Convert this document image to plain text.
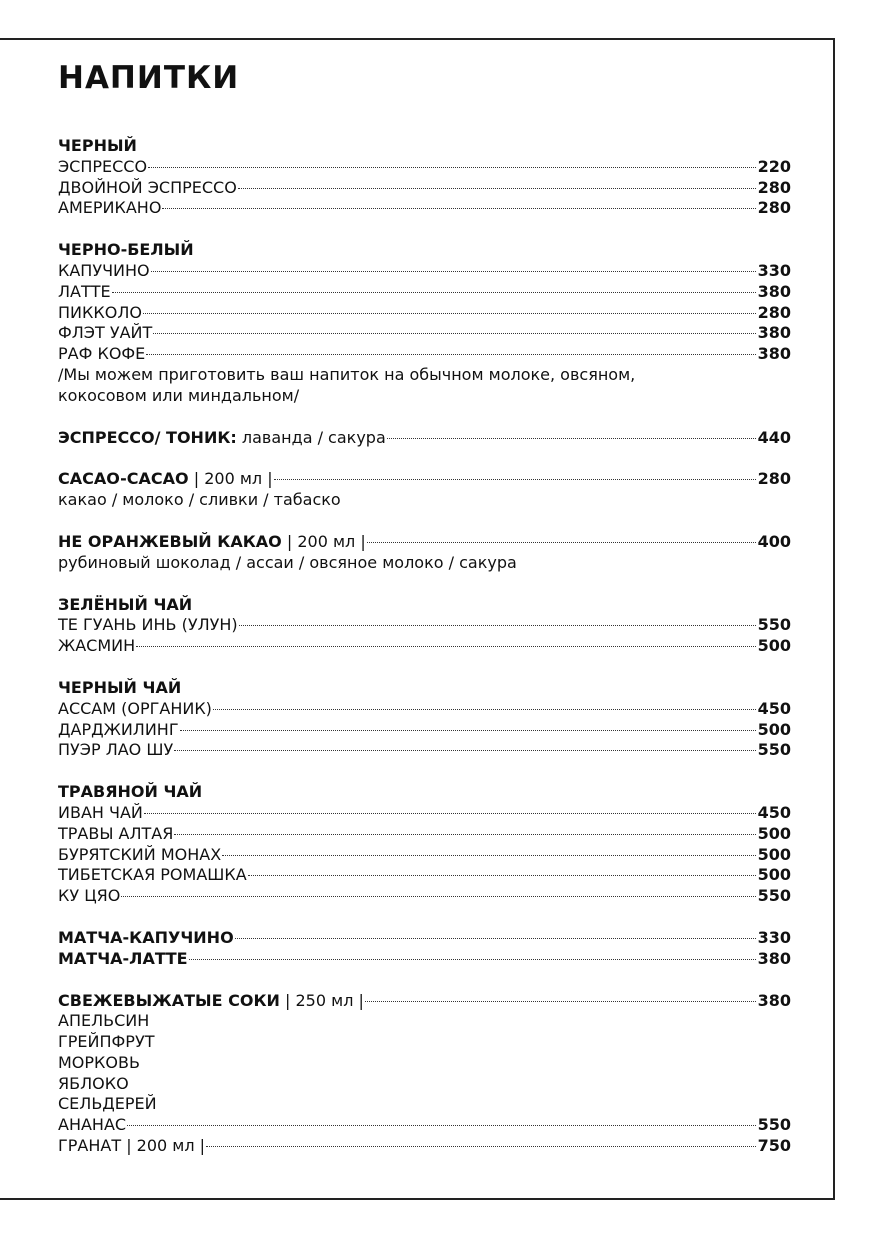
НАПИТКИ
ЧЕРНЫЙ
ЭСПРЕССО	220
ДВОЙНОЙ ЭСПРЕССО	280
АМЕРИКАНО	280
ЧЕРНО-БЕЛЫЙ
КАПУЧИНО	330
ЛАТТЕ	380
ПИККОЛО	280
ФЛЭТ УАЙТ	380
РАФ КОФЕ	380
/Мы можем приготовить ваш напиток на обычном молоке, овсяном,
кокосовом или миндальном/
ЭСПРЕССО/ ТОНИК: лаванда / сакура	440
CACAO-CACAO | 200 мл |	280
какао / молоко / сливки / табаско
НЕ ОРАНЖЕВЫЙ КАКАО | 200 мл |	400
рубиновый шоколад / ассаи / овсяное молоко / сакура
ЗЕЛЁНЫЙ ЧАЙ
ТЕ ГУАНЬ ИНЬ (УЛУН)	550
ЖАСМИН	500
ЧЕРНЫЙ ЧАЙ
АССАМ (ОРГАНИК)	450
ДАРДЖИЛИНГ	500
ПУЭР ЛАО ШУ	550
ТРАВЯНОЙ ЧАЙ
ИВАН ЧАЙ	450
ТРАВЫ АЛТАЯ	500
БУРЯТСКИЙ МОНАХ	500
ТИБЕТСКАЯ РОМАШКА	500
КУ ЦЯО	550
МАТЧА-КАПУЧИНО	330
МАТЧА-ЛАТТЕ	380
СВЕЖЕВЫЖАТЫЕ СОКИ | 250 мл |	380
АПЕЛЬСИН
ГРЕЙПФРУТ
МОРКОВЬ
ЯБЛОКО
СЕЛЬДЕРЕЙ
АНАНАС	550
ГРАНАТ | 200 мл |	750
